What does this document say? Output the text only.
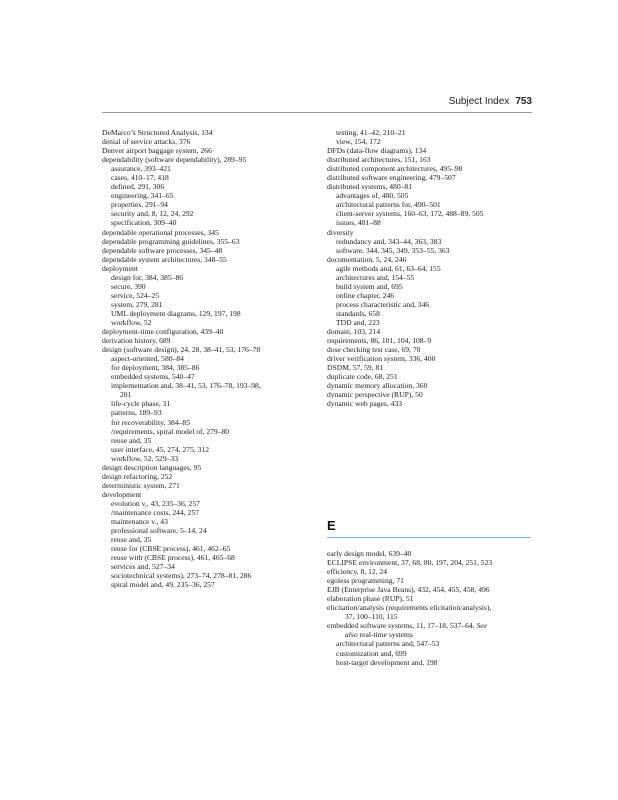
Subject Index 753
DeMarco’s Structured Analysis, 134
denial of service attacks, 376
Denver airport baggage system, 266
dependability (software dependability), 289–95
assurance, 393–421
cases, 410–17, 418
defined, 291, 306
engineering, 341–65
properties, 291–94
security and, 8, 12, 24, 292
specification, 309–40
dependable operational processes, 345
dependable programming guidelines, 355–63
dependable software processes, 345–48
dependable system architectures, 348–55
deployment
design for, 384, 385–86
secure, 390
service, 524–25
system, 279, 281
UML deployment diagrams, 129, 197, 198
workflow, 52
deployment-time configuration, 439–40
derivation history, 689
design (software design), 24, 28, 38–41, 53, 176–78
aspect-oriented, 580–84
for deployment, 384, 385–86
embedded systems, 540–47
implementation and, 38–41, 53, 176–78, 193–98,
201
life-cycle phase, 31
patterns, 189–93
for recoverability, 384–85
/requirements, spiral model of, 279–80
reuse and, 35
user interface, 45, 274, 275, 312
workflow, 52, 529–33
design description languages, 95
design refactoring, 252
deterministic system, 271
development
evolution v., 43, 235–36, 257
/maintenance costs, 244, 257
maintenance v., 43
professional software, 5–14, 24
reuse and, 35
reuse for (CBSE process), 461, 462–65
reuse with (CBSE process), 461, 465–68
services and, 527–34
sociotechnical systems), 273–74, 278–81, 286
spiral model and, 49, 235–36, 257
testing, 41–42, 210–21
view, 154, 172
DFDs (data-flow diagrams), 134
distributed architectures, 151, 163
distributed component architectures, 495–98
distributed software engineering, 479–507
distributed systems, 480–81
advantages of, 480, 505
architectural patterns for, 490–501
client-server systems, 160–63, 172, 488–89, 505
issues, 481–88
diversity
redundancy and, 343–44, 363, 383
software, 344, 345, 349, 353–55, 363
documentation, 5, 24, 246
agile methods and, 61, 63–64, 155
architectures and, 154–55
build system and, 695
online chapter, 246
process characteristic and, 346
standards, 658
TDD and, 223
domain, 103, 214
requirements, 86, 101, 104, 108–9
dose checking test case, 69, 70
driver verification system, 336, 400
DSDM, 57, 59, 81
duplicate code, 68, 251
dynamic memory allocation, 360
dynamic perspective (RUP), 50
dynamic web pages, 433
E
early design model, 639–40
ECLIPSE environment, 37, 68, 80, 197, 204, 251, 523
efficiency, 8, 12, 24
egoless programming, 71
EJB (Enterprise Java Beans), 432, 454, 455, 458, 496
elaboration phase (RUP), 51
elicitation/analysis (requirements elicitation/analysis),
37, 100–110, 115
embedded software systems, 11, 17–18, 537–64. See
also real-time systems
architectural patterns and, 547–53
customization and, 699
host-target development and, 198
